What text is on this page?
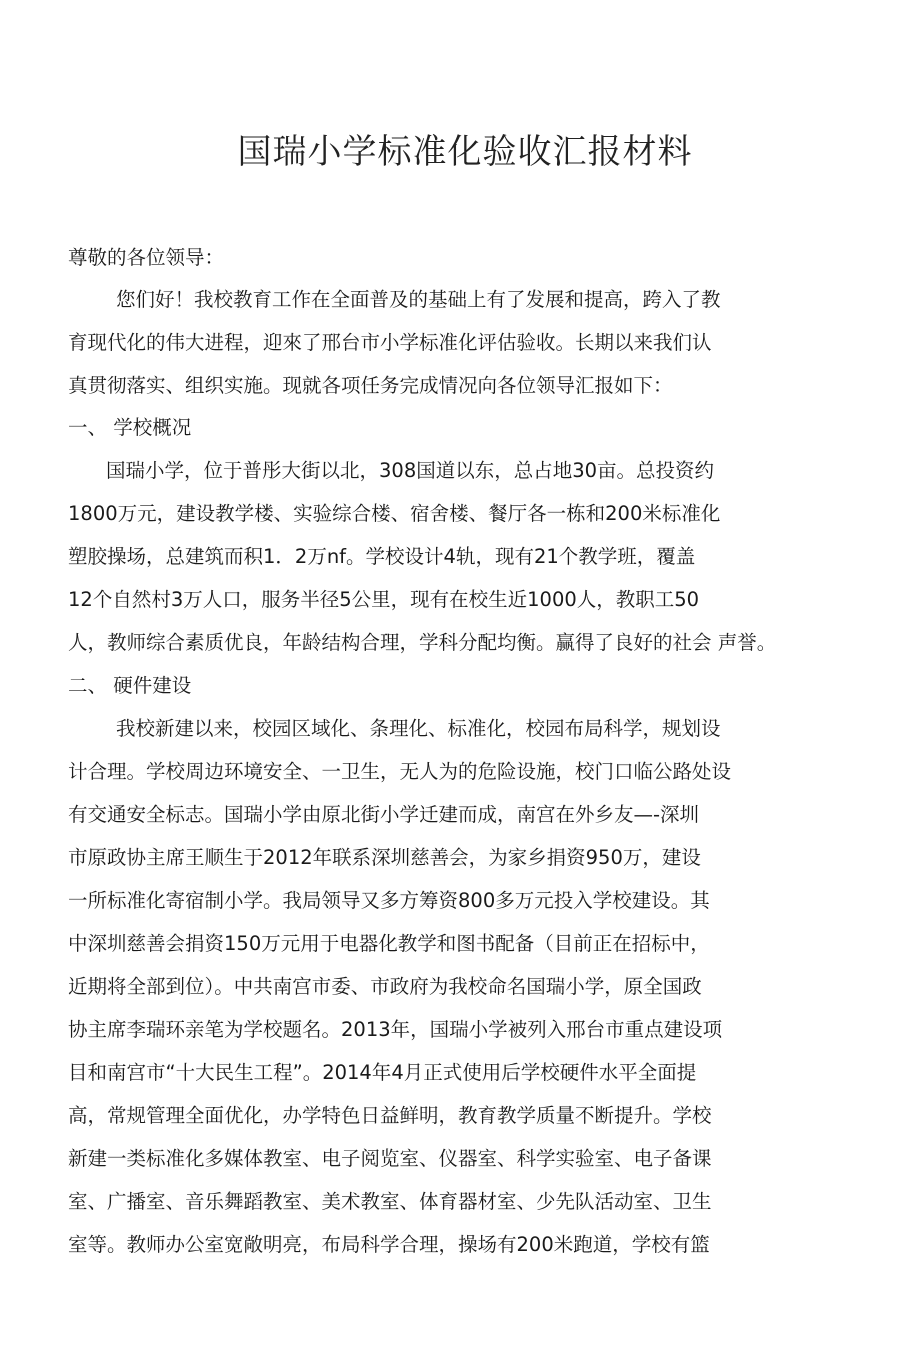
国瑞小学标准化验收汇报材料
尊敬的各位领导：
您们好！我校教育工作在全面普及的基础上有了发展和提高，跨入了教
育现代化的伟大进程，迎來了邢台市小学标准化评估验收。长期以来我们认
真贯彻落实、组织实施。现就各项任务完成情况向各位领导汇报如下：
一、 学校概况
国瑞小学，位于普彤大街以北，308国道以东，总占地30亩。总投资约
1800万元，建设教学楼、实验综合楼、宿舍楼、餐厅各一栋和200米标准化
塑胶操场，总建筑而积1．2万nf。学校设计4轨，现有21个教学班，覆盖
12个自然村3万人口，服务半径5公里，现有在校生近1000人，教职工50
人，教师综合素质优良，年龄结构合理，学科分配均衡。赢得了良好的社会 声誉。
二、 硬件建设
我校新建以来，校园区域化、条理化、标准化，校园布局科学，规划设
计合理。学校周边环境安全、一卫生，无人为的危险设施，校门口临公路处设
有交通安全标志。国瑞小学由原北街小学迁建而成，南宫在外乡友—-深圳
市原政协主席王顺生于2012年联系深圳慈善会，为家乡捐资950万，建设
一所标准化寄宿制小学。我局领导又多方筹资800多万元投入学校建设。其
中深圳慈善会捐资150万元用于电器化教学和图书配备（目前正在招标中，
近期将全部到位）。中共南宫市委、市政府为我校命名国瑞小学，原全国政
协主席李瑞环亲笔为学校题名。2013年，国瑞小学被列入邢台市重点建设项
目和南宫市“十大民生工程”。2014年4月正式使用后学校硬件水平全面提
高，常规管理全面优化，办学特色日益鲜明，教育教学质量不断提升。学校
新建一类标准化多媒体教室、电子阅览室、仪器室、科学实验室、电子备课
室、广播室、音乐舞蹈教室、美术教室、体育器材室、少先队活动室、卫生
室等。教师办公室宽敞明亮，布局科学合理，操场有200米跑道，学校有篮
